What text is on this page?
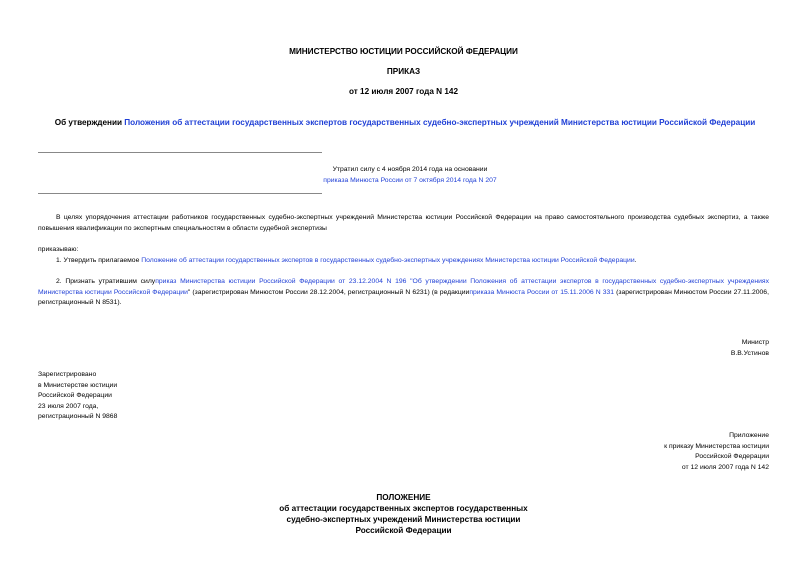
МИНИСТЕРСТВО ЮСТИЦИИ РОССИЙСКОЙ ФЕДЕРАЦИИ
ПРИКАЗ
от 12 июля 2007 года N 142
Об утверждении Положения об аттестации государственных экспертов государственных судебно-экспертных учреждений Министерства юстиции Российской Федерации
Утратил силу с 4 ноября 2014 года на основании
приказа Минюста России от 7 октября 2014 года N 207
В целях упорядочения аттестации работников государственных судебно-экспертных учреждений Министерства юстиции Российской Федерации на право самостоятельного производства судебных экспертиз, а также повышения квалификации по экспертным специальностям в области судебной экспертизы
приказываю:
1. Утвердить прилагаемое Положение об аттестации государственных экспертов в государственных судебно-экспертных учреждениях Министерства юстиции Российской Федерации.
2. Признать утратившим силуприказ Министерства юстиции Российской Федерации от 23.12.2004 N 196 "Об утверждении Положения об аттестации экспертов в государственных судебно-экспертных учреждениях Министерства юстиции Российской Федерации" (зарегистрирован Минюстом России 28.12.2004, регистрационный N 6231) (в редакцииприказа Минюста России от 15.11.2006 N 331 (зарегистрирован Минюстом России 27.11.2006, регистрационный N 8531).
Министр
В.В.Устинов
Зарегистрировано
в Министерстве юстиции
Российской Федерации
23 июля 2007 года,
регистрационный N 9868
Приложение
к приказу Министерства юстиции
Российской Федерации
от 12 июля 2007 года N 142
ПОЛОЖЕНИЕ
об аттестации государственных экспертов государственных
судебно-экспертных учреждений Министерства юстиции
Российской Федерации
